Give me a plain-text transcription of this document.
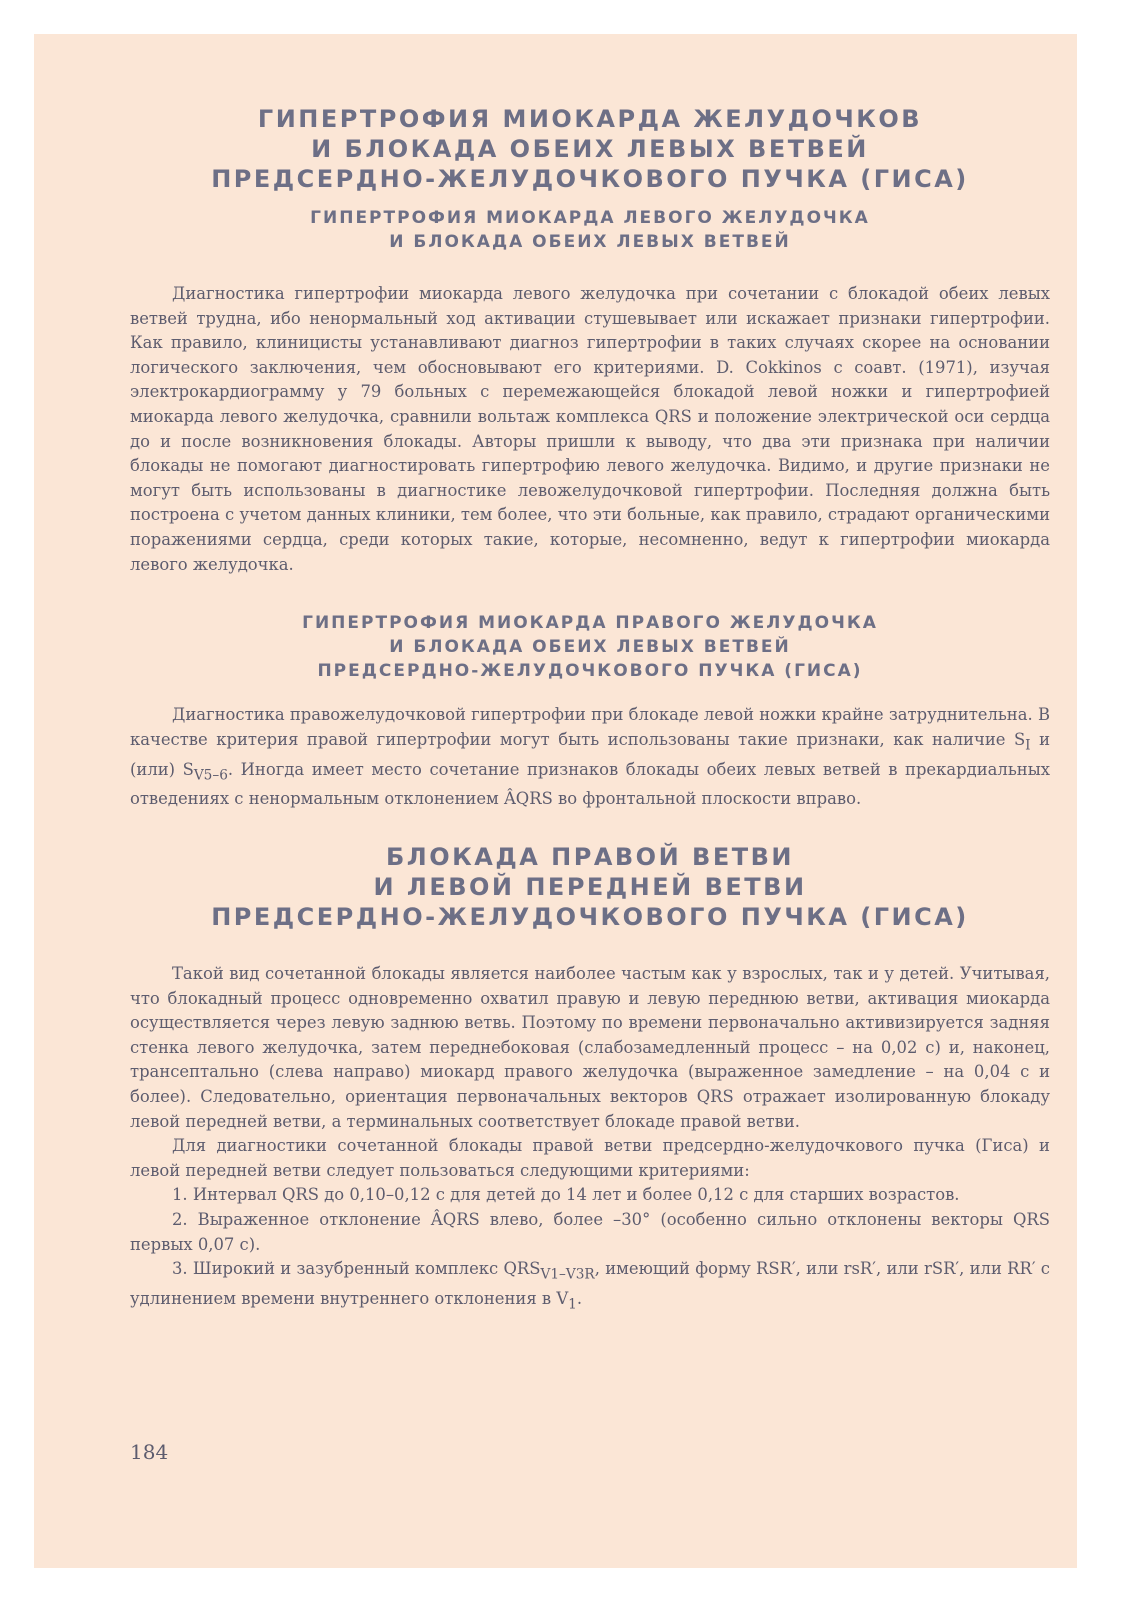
ГИПЕРТРОФИЯ МИОКАРДА ЖЕЛУДОЧКОВ

И БЛОКАДА ОБЕИХ ЛЕВЫХ ВЕТВЕЙ

ПРЕДСЕРДНО-ЖЕЛУДОЧКОВОГО ПУЧКА (ГИСА)

ГИПЕРТРОФИЯ МИОКАРДА ЛЕВОГО ЖЕЛУДОЧКА

И БЛОКАДА ОБЕИХ ЛЕВЫХ ВЕТВЕЙ

Диагностика гипертрофии миокарда левого желудочка при сочетании с блокадой обеих левых ветвей трудна, ибо ненормальный ход активации стушевывает или искажает признаки гипертрофии. Как правило, клиницисты устанавливают диагноз гипертрофии в таких случаях скорее на основании логического заключения, чем обосновывают его критериями. D. Cokkinos с соавт. (1971), изучая электрокардиограмму у 79 больных с перемежающейся блокадой левой ножки и гипертрофией миокарда левого желудочка, сравнили вольтаж комплекса QRS и положение электрической оси сердца до и после возникновения блокады. Авторы пришли к выводу, что два эти признака при наличии блокады не помогают диагностировать гипертрофию левого желудочка. Видимо, и другие признаки не могут быть использованы в диагностике левожелудочковой гипертрофии. Последняя должна быть построена с учетом данных клиники, тем более, что эти больные, как правило, страдают органическими поражениями сердца, среди которых такие, которые, несомненно, ведут к гипертрофии миокарда левого желудочка.

ГИПЕРТРОФИЯ МИОКАРДА ПРАВОГО ЖЕЛУДОЧКА

И БЛОКАДА ОБЕИХ ЛЕВЫХ ВЕТВЕЙ

ПРЕДСЕРДНО-ЖЕЛУДОЧКОВОГО ПУЧКА (ГИСА)

Диагностика правожелудочковой гипертрофии при блокаде левой ножки крайне затруднительна. В качестве критерия правой гипертрофии могут быть использованы такие признаки, как наличие $S_I$ и (или) $S_{V5-6}$. Иногда имеет место сочетание признаков блокады обеих левых ветвей в прекардиальных отведениях с ненормальным отклонением ÂQRS во фронтальной плоскости вправо.

БЛОКАДА ПРАВОЙ ВЕТВИ

И ЛЕВОЙ ПЕРЕДНЕЙ ВЕТВИ

ПРЕДСЕРДНО-ЖЕЛУДОЧКОВОГО ПУЧКА (ГИСА)

Такой вид сочетанной блокады является наиболее частым как у взрослых, так и у детей. Учитывая, что блокадный процесс одновременно охватил правую и левую переднюю ветви, активация миокарда осуществляется через левую заднюю ветвь. Поэтому по времени первоначально активизируется задняя стенка левого желудочка, затем переднебоковая (слабозамедленный процесс – на 0,02 с) и, наконец, трансептально (слева направо) миокард правого желудочка (выраженное замедление – на 0,04 с и более). Следовательно, ориентация первоначальных векторов QRS отражает изолированную блокаду левой передней ветви, а терминальных соответствует блокаде правой ветви.

Для диагностики сочетанной блокады правой ветви предсердно-желудочкового пучка (Гиса) и левой передней ветви следует пользоваться следующими критериями:

1. Интервал QRS до 0,10–0,12 с для детей до 14 лет и более 0,12 с для старших возрастов.

2. Выраженное отклонение ÂQRS влево, более –30° (особенно сильно отклонены векторы QRS первых 0,07 с).

3. Широкий и зазубренный комплекс $QRS_{V1-V3R}$, имеющий форму RSR′, или rsR′, или rSR′, или RR′ с удлинением времени внутреннего отклонения в $V_1$.

184
